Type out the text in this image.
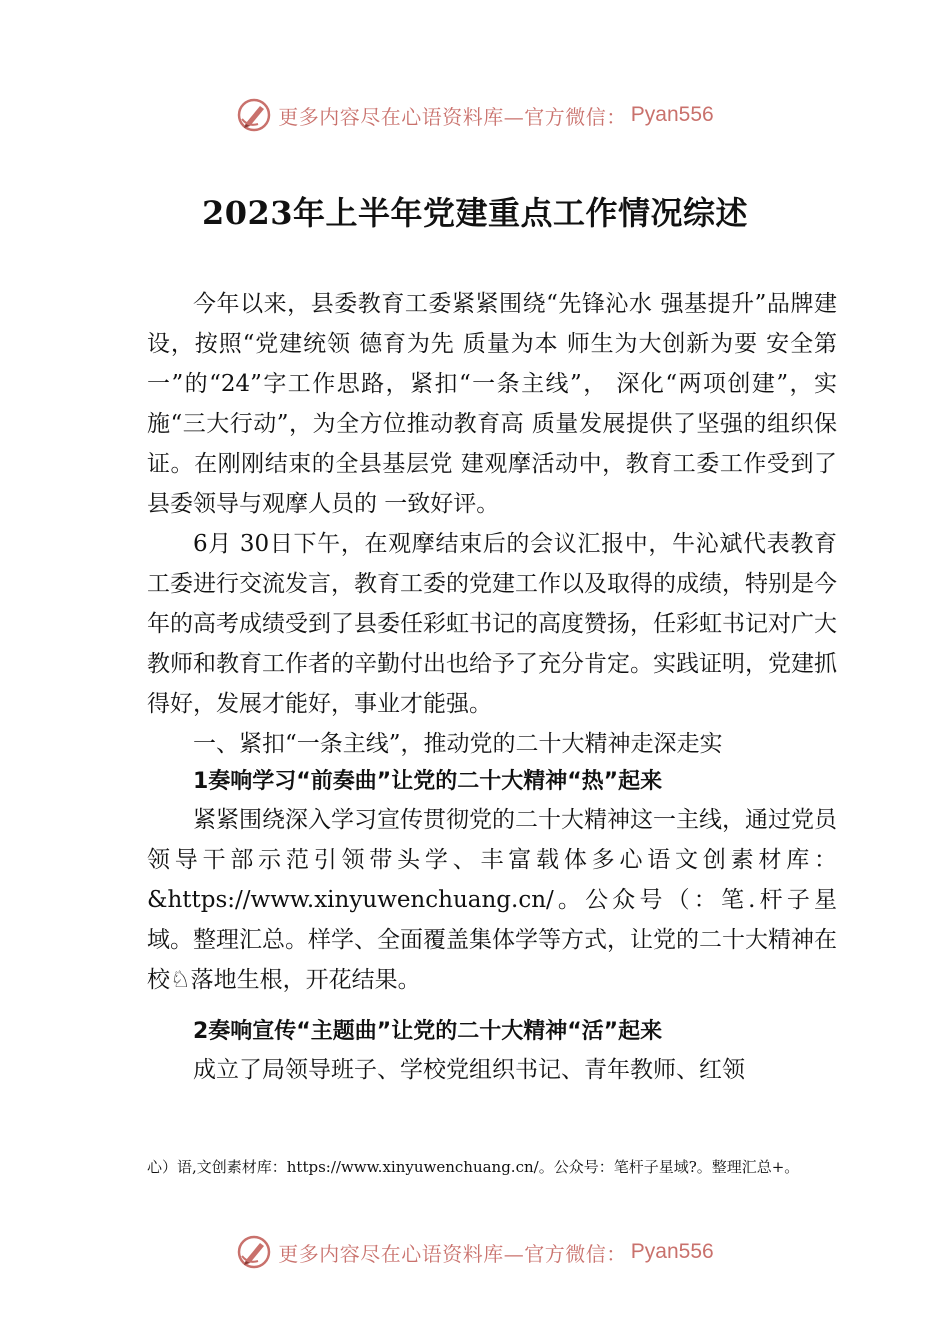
更多内容尽在心语资料库—官方微信： Pyan556
2023年上半年党建重点工作情况综述

今年以来，县委教育工委紧紧围绕“先锋沁水 强基提升”品牌建设，按照“党建统领 德育为先 质量为本 师生为大创新为要 安全第一”的“24”字工作思路，紧扣“一条主线”， 深化“两项创建”，实施“三大行动”，为全方位推动教育高 质量发展提供了坚强的组织保证。在刚刚结束的全县基层党 建观摩活动中，教育工委工作受到了县委领导与观摩人员的 一致好评。

6月 30日下午，在观摩结束后的会议汇报中，牛沁斌代表教育工委进行交流发言，教育工委的党建工作以及取得的成绩，特别是今年的高考成绩受到了县委任彩虹书记的高度赞扬，任彩虹书记对广大教师和教育工作者的辛勤付出也给予了充分肯定。实践证明，党建抓得好，发展才能好，事业才能强。

一、紧扣“一条主线”，推动党的二十大精神走深走实

1奏响学习“前奏曲”让党的二十大精神“热”起来

紧紧围绕深入学习宣传贯彻党的二十大精神这一主线，通过党员领导干部示范引领带头学、丰富载体多心语文创素材库：&https://www.xinyuwenchuang.cn/。公众号（：笔.杆子星域。整理汇总。样学、全面覆盖集体学等方式，让党的二十大精神在校♘落地生根，开花结果。

2奏响宣传“主题曲”让党的二十大精神“活”起来

成立了局领导班子、学校党组织书记、青年教师、红领

心）语,文创素材库：https://www.xinyuwenchuang.cn/。公众号：笔杆子星域?。整理汇总+。
更多内容尽在心语资料库—官方微信： Pyan556
